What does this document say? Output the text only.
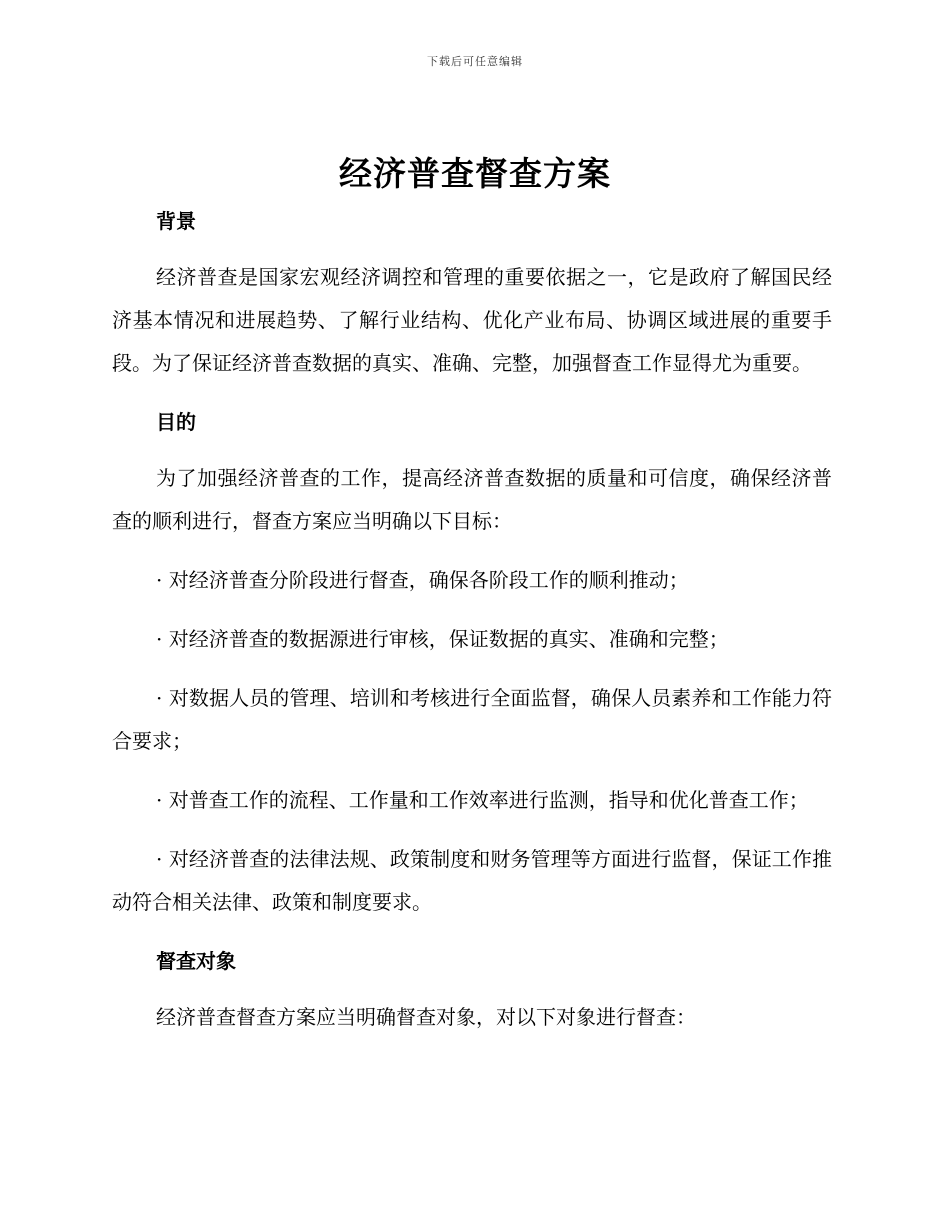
下载后可任意编辑
经济普查督查方案

背景

经济普查是国家宏观经济调控和管理的重要依据之一，它是政府了解国民经济基本情况和进展趋势、了解行业结构、优化产业布局、协调区域进展的重要手段。为了保证经济普查数据的真实、准确、完整，加强督查工作显得尤为重要。

目的

为了加强经济普查的工作，提高经济普查数据的质量和可信度，确保经济普查的顺利进行，督查方案应当明确以下目标：

· 对经济普查分阶段进行督查，确保各阶段工作的顺利推动；

· 对经济普查的数据源进行审核，保证数据的真实、准确和完整；

· 对数据人员的管理、培训和考核进行全面监督，确保人员素养和工作能力符合要求；

· 对普查工作的流程、工作量和工作效率进行监测，指导和优化普查工作；

· 对经济普查的法律法规、政策制度和财务管理等方面进行监督，保证工作推动符合相关法律、政策和制度要求。

督查对象

经济普查督查方案应当明确督查对象，对以下对象进行督查：
